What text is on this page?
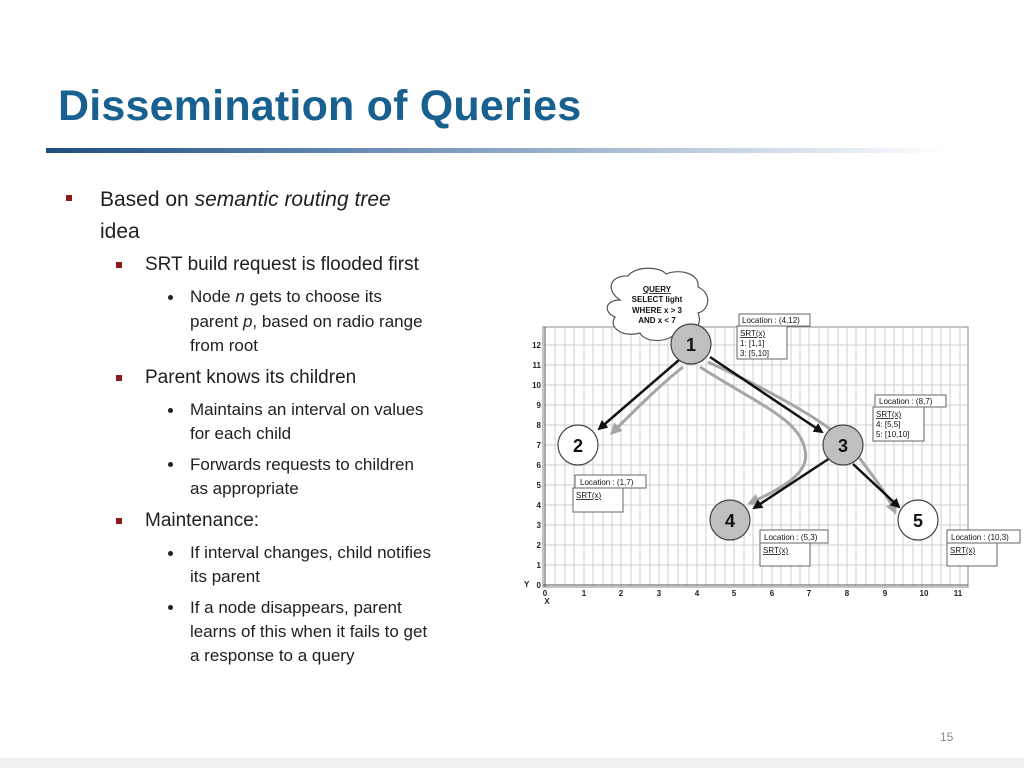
Dissemination of Queries
Based on semantic routing tree
idea
SRT build request is flooded first
Node n gets to choose its
parent p, based on radio range
from root
Parent knows its children
Maintains an interval on values
for each child
Forwards requests to children
as appropriate
Maintenance:
If interval changes, child notifies
its parent
If a node disappears, parent
learns of this when it fails to get
a response to a query
12
11
10
9
8
7
6
5
4
3
2
1
0
Y
0	1	2	3	4	5	6	7	8	9	10	11
X
QUERY
SELECT light
WHERE x > 3
AND x < 7	Location : (4,12)
SRT(x)
1: [1,1]
3: [5,10]
Location : (8,7)
SRT(x)
4: [5,5]
5: [10,10]
Location : (1,7)
SRT(x)
Location : (5,3)
SRT(x)
Location : (10,3)
SRT(x)
1
2	3
4	5
15
